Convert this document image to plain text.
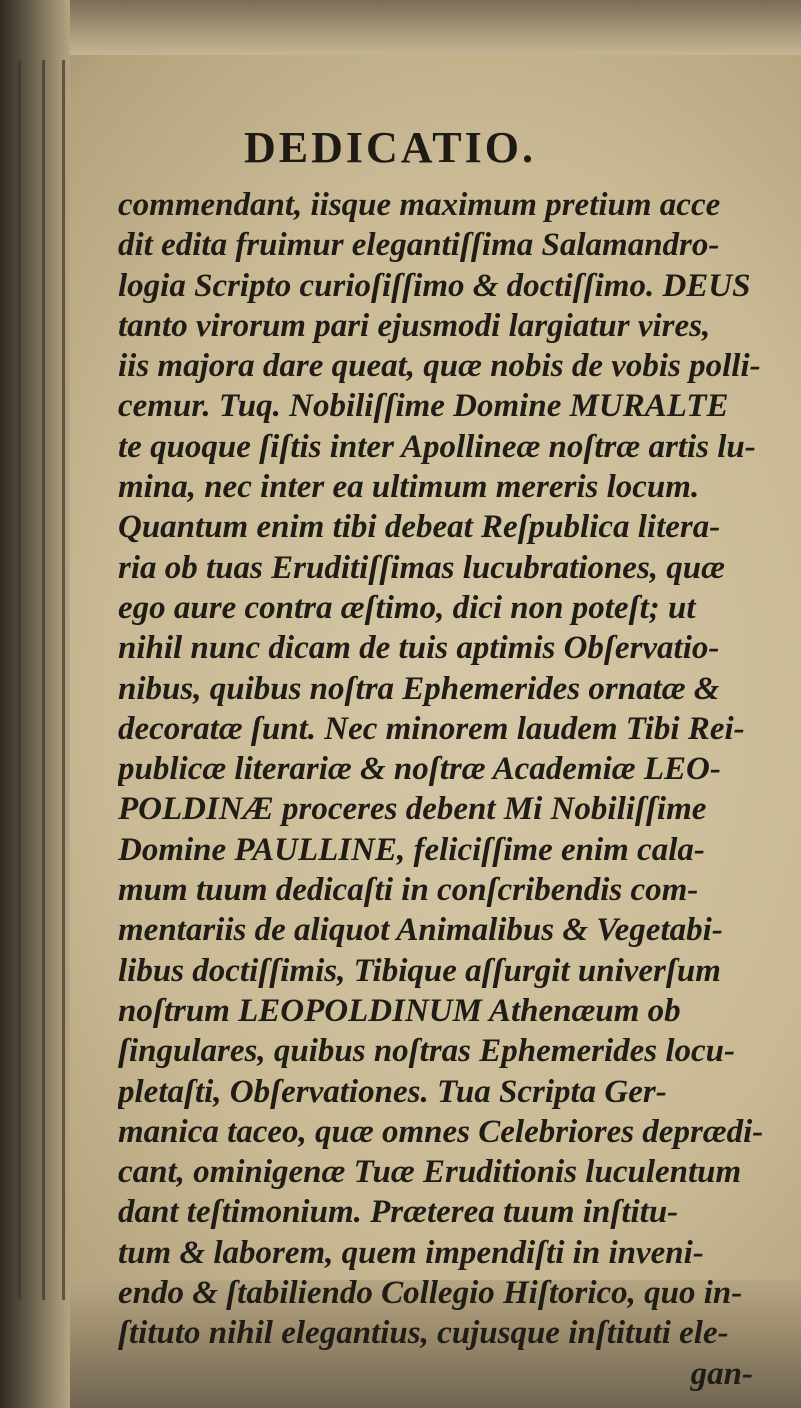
DEDICATIO.
commendant, iisque maximum pretium acce
dit edita fruimur elegantiſſima Salamandro-
logia Scripto curioſiſſimo & doctiſſimo. DEUS
tanto virorum pari ejusmodi largiatur vires,
iis majora dare queat, quæ nobis de vobis polli-
cemur. Tuq. Nobiliſſime Domine MURALTE
te quoque ſiſtis inter Apollineæ noſtræ artis lu-
mina, nec inter ea ultimum mereris locum.
Quantum enim tibi debeat Reſpublica litera-
ria ob tuas Eruditiſſimas lucubrationes, quæ
ego aure contra æſtimo, dici non poteſt; ut
nihil nunc dicam de tuis aptimis Obſervatio-
nibus, quibus noſtra Ephemerides ornatæ &
decoratæ ſunt. Nec minorem laudem Tibi Rei-
publicæ literariæ & noſtræ Academiæ LEO-
POLDINÆ proceres debent Mi Nobiliſſime
Domine PAULLINE, feliciſſime enim cala-
mum tuum dedicaſti in conſcribendis com-
mentariis de aliquot Animalibus & Vegetabi-
libus doctiſſimis, Tibique aſſurgit univerſum
noſtrum LEOPOLDINUM Athenæum ob
ſingulares, quibus noſtras Ephemerides locu-
pletaſti, Obſervationes. Tua Scripta Ger-
manica taceo, quæ omnes Celebriores deprædi-
cant, ominigenæ Tuæ Eruditionis luculentum
dant teſtimonium. Præterea tuum inſtitu-
tum & laborem, quem impendiſti in inveni-
endo & ſtabiliendo Collegio Hiſtorico, quo in-
ſtituto nihil elegantius, cujusque inſtituti ele-
gan-
